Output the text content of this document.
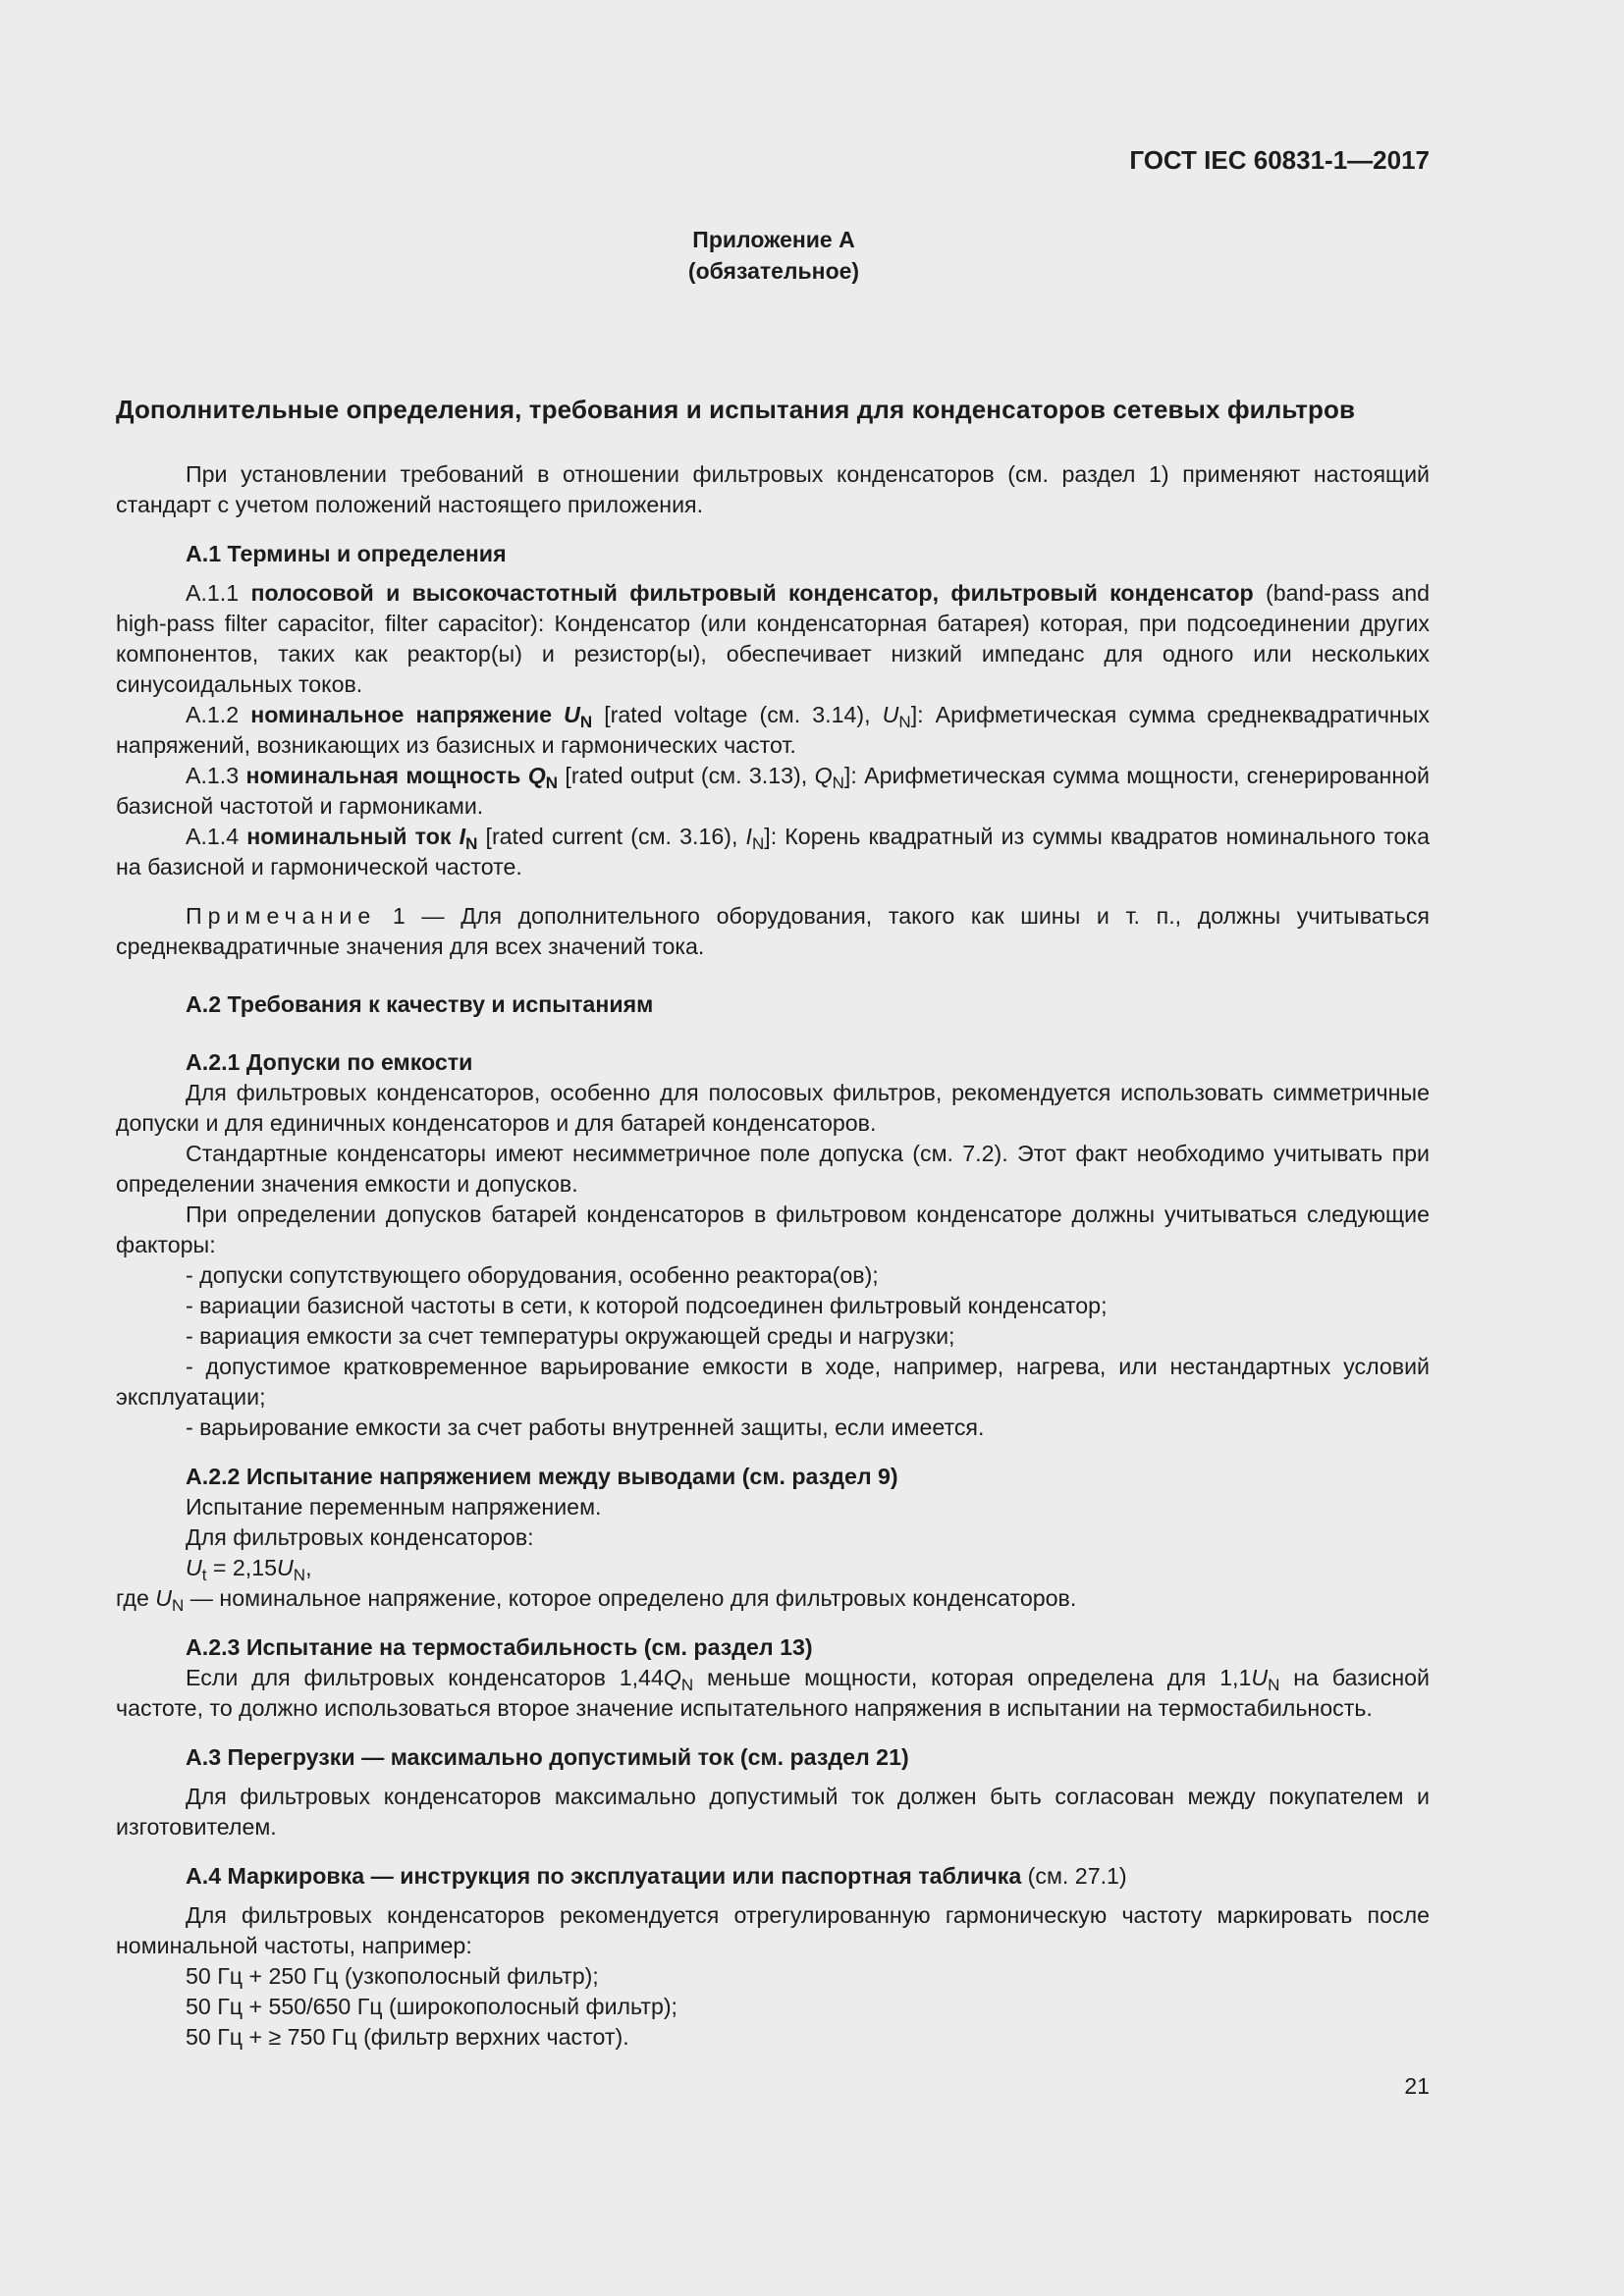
ГОСТ IEC 60831-1—2017
Приложение А
(обязательное)
Дополнительные определения, требования и испытания для конденсаторов сетевых фильтров

При установлении требований в отношении фильтровых конденсаторов (см. раздел 1) применяют настоящий стандарт с учетом положений настоящего приложения.

А.1 Термины и определения

А.1.1 полосовой и высокочастотный фильтровый конденсатор, фильтровый конденсатор (band-pass and high-pass filter capacitor, filter capacitor): Конденсатор (или конденсаторная батарея) которая, при подсоединении других компонентов, таких как реактор(ы) и резистор(ы), обеспечивает низкий импеданс для одного или нескольких синусоидальных токов.

А.1.2 номинальное напряжение $U_N$ [rated voltage (см. 3.14), $U_N$]: Арифметическая сумма среднеквадратичных напряжений, возникающих из базисных и гармонических частот.

А.1.3 номинальная мощность $Q_N$ [rated output (см. 3.13), $Q_N$]: Арифметическая сумма мощности, сгенерированной базисной частотой и гармониками.

А.1.4 номинальный ток $I_N$ [rated current (см. 3.16), $I_N$]: Корень квадратный из суммы квадратов номинального тока на базисной и гармонической частоте.

Примечание 1 — Для дополнительного оборудования, такого как шины и т. п., должны учитываться среднеквадратичные значения для всех значений тока.

А.2 Требования к качеству и испытаниям

А.2.1 Допуски по емкости

Для фильтровых конденсаторов, особенно для полосовых фильтров, рекомендуется использовать симметричные допуски и для единичных конденсаторов и для батарей конденсаторов.

Стандартные конденсаторы имеют несимметричное поле допуска (см. 7.2). Этот факт необходимо учитывать при определении значения емкости и допусков.

При определении допусков батарей конденсаторов в фильтровом конденсаторе должны учитываться следующие факторы:

- допуски сопутствующего оборудования, особенно реактора(ов);

- вариации базисной частоты в сети, к которой подсоединен фильтровый конденсатор;

- вариация емкости за счет температуры окружающей среды и нагрузки;

- допустимое кратковременное варьирование емкости в ходе, например, нагрева, или нестандартных условий эксплуатации;

- варьирование емкости за счет работы внутренней защиты, если имеется.

А.2.2 Испытание напряжением между выводами (см. раздел 9)

Испытание переменным напряжением.

Для фильтровых конденсаторов:

$U_t = 2,15U_N$,

где $U_N$ — номинальное напряжение, которое определено для фильтровых конденсаторов.

А.2.3 Испытание на термостабильность (см. раздел 13)

Если для фильтровых конденсаторов $1,44Q_N$ меньше мощности, которая определена для $1,1U_N$ на базисной частоте, то должно использоваться второе значение испытательного напряжения в испытании на термостабильность.

А.3 Перегрузки — максимально допустимый ток (см. раздел 21)

Для фильтровых конденсаторов максимально допустимый ток должен быть согласован между покупателем и изготовителем.

А.4 Маркировка — инструкция по эксплуатации или паспортная табличка (см. 27.1)

Для фильтровых конденсаторов рекомендуется отрегулированную гармоническую частоту маркировать после номинальной частоты, например:

50 Гц + 250 Гц (узкополосный фильтр);

50 Гц + 550/650 Гц (широкополосный фильтр);

50 Гц + ≥ 750 Гц (фильтр верхних частот).

21
